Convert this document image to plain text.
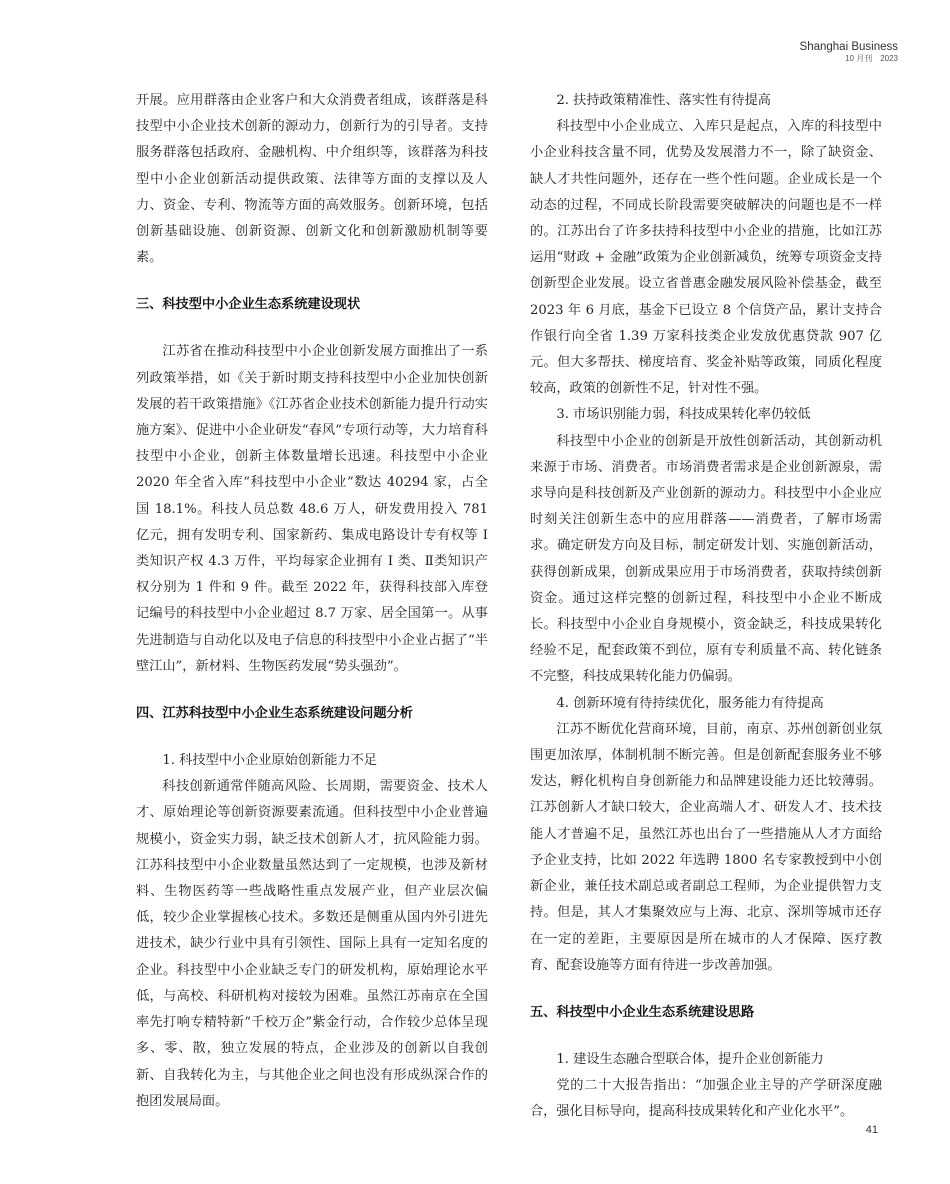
Shanghai Business
10 月刊　2023

开展。应用群落由企业客户和大众消费者组成，该群落是科技型中小企业技术创新的源动力，创新行为的引导者。支持服务群落包括政府、金融机构、中介组织等，该群落为科技型中小企业创新活动提供政策、法律等方面的支撑以及人力、资金、专利、物流等方面的高效服务。创新环境，包括创新基础设施、创新资源、创新文化和创新激励机制等要素。

三、科技型中小企业生态系统建设现状

江苏省在推动科技型中小企业创新发展方面推出了一系列政策举措，如《关于新时期支持科技型中小企业加快创新发展的若干政策措施》《江苏省企业技术创新能力提升行动实施方案》、促进中小企业研发“春风”专项行动等，大力培育科技型中小企业，创新主体数量增长迅速。科技型中小企业 2020 年全省入库“科技型中小企业”数达 40294 家，占全国 18.1%。科技人员总数 48.6 万人，研发费用投入 781 亿元，拥有发明专利、国家新药、集成电路设计专有权等 I 类知识产权 4.3 万件，平均每家企业拥有 I 类、Ⅱ类知识产权分别为 1 件和 9 件。截至 2022 年，获得科技部入库登记编号的科技型中小企业超过 8.7 万家、居全国第一。从事先进制造与自动化以及电子信息的科技型中小企业占据了“半壁江山”，新材料、生物医药发展“势头强劲”。

四、江苏科技型中小企业生态系统建设问题分析

1. 科技型中小企业原始创新能力不足

科技创新通常伴随高风险、长周期，需要资金、技术人才、原始理论等创新资源要素流通。但科技型中小企业普遍规模小，资金实力弱，缺乏技术创新人才，抗风险能力弱。江苏科技型中小企业数量虽然达到了一定规模，也涉及新材料、生物医药等一些战略性重点发展产业，但产业层次偏低，较少企业掌握核心技术。多数还是侧重从国内外引进先进技术，缺少行业中具有引领性、国际上具有一定知名度的企业。科技型中小企业缺乏专门的研发机构，原始理论水平低，与高校、科研机构对接较为困难。虽然江苏南京在全国率先打响专精特新“千校万企”紫金行动，合作较少总体呈现多、零、散，独立发展的特点，企业涉及的创新以自我创新、自我转化为主，与其他企业之间也没有形成纵深合作的抱团发展局面。

2. 扶持政策精准性、落实性有待提高

科技型中小企业成立、入库只是起点，入库的科技型中小企业科技含量不同，优势及发展潜力不一，除了缺资金、缺人才共性问题外，还存在一些个性问题。企业成长是一个动态的过程，不同成长阶段需要突破解决的问题也是不一样的。江苏出台了许多扶持科技型中小企业的措施，比如江苏运用“财政 + 金融”政策为企业创新减负，统筹专项资金支持创新型企业发展。设立省普惠金融发展风险补偿基金，截至 2023 年 6 月底，基金下已设立 8 个信贷产品，累计支持合作银行向全省 1.39 万家科技类企业发放优惠贷款 907 亿元。但大多帮扶、梯度培育、奖金补贴等政策，同质化程度较高，政策的创新性不足，针对性不强。

3. 市场识别能力弱，科技成果转化率仍较低

科技型中小企业的创新是开放性创新活动，其创新动机来源于市场、消费者。市场消费者需求是企业创新源泉，需求导向是科技创新及产业创新的源动力。科技型中小企业应时刻关注创新生态中的应用群落——消费者，了解市场需求。确定研发方向及目标，制定研发计划、实施创新活动，获得创新成果，创新成果应用于市场消费者，获取持续创新资金。通过这样完整的创新过程，科技型中小企业不断成长。科技型中小企业自身规模小，资金缺乏，科技成果转化经验不足，配套政策不到位，原有专利质量不高、转化链条不完整，科技成果转化能力仍偏弱。

4. 创新环境有待持续优化，服务能力有待提高

江苏不断优化营商环境，目前，南京、苏州创新创业氛围更加浓厚，体制机制不断完善。但是创新配套服务业不够发达，孵化机构自身创新能力和品牌建设能力还比较薄弱。江苏创新人才缺口较大，企业高端人才、研发人才、技术技能人才普遍不足，虽然江苏也出台了一些措施从人才方面给予企业支持，比如 2022 年选聘 1800 名专家教授到中小创新企业，兼任技术副总或者副总工程师，为企业提供智力支持。但是，其人才集聚效应与上海、北京、深圳等城市还存在一定的差距，主要原因是所在城市的人才保障、医疗教育、配套设施等方面有待进一步改善加强。

五、科技型中小企业生态系统建设思路

1. 建设生态融合型联合体，提升企业创新能力

党的二十大报告指出：“加强企业主导的产学研深度融合，强化目标导向，提高科技成果转化和产业化水平”。

41
